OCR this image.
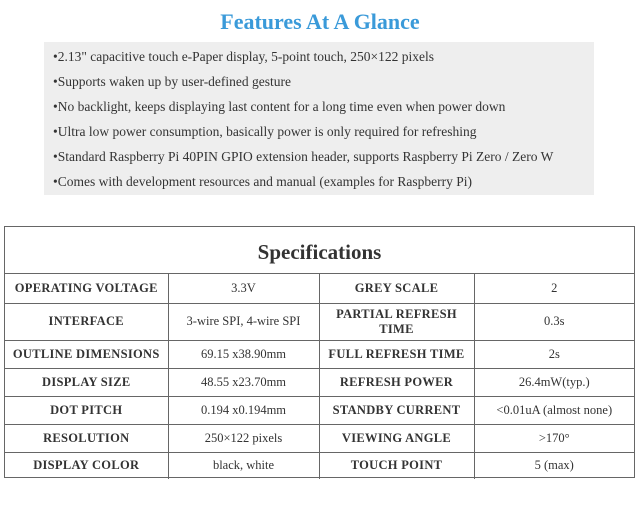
Features At A Glance
•2.13" capacitive touch e-Paper display, 5-point touch, 250×122 pixels
•Supports waken up by user-defined gesture
•No backlight, keeps displaying last content for a long time even when power down
•Ultra low power consumption, basically power is only required for refreshing
•Standard Raspberry Pi 40PIN GPIO extension header, supports Raspberry Pi Zero / Zero W
•Comes with development resources and manual (examples for Raspberry Pi)
Specifications
OPERATING VOLTAGE	3.3V	GREY SCALE	2
INTERFACE	3-wire SPI, 4-wire SPI	PARTIAL REFRESH TIME	0.3s
OUTLINE DIMENSIONS	69.15 x38.90mm	FULL REFRESH TIME	2s
DISPLAY SIZE	48.55 x23.70mm	REFRESH POWER	26.4mW(typ.)
DOT PITCH	0.194 x0.194mm	STANDBY CURRENT	<0.01uA (almost none)
RESOLUTION	250×122 pixels	VIEWING ANGLE	>170°
DISPLAY COLOR	black, white	TOUCH POINT	5 (max)
